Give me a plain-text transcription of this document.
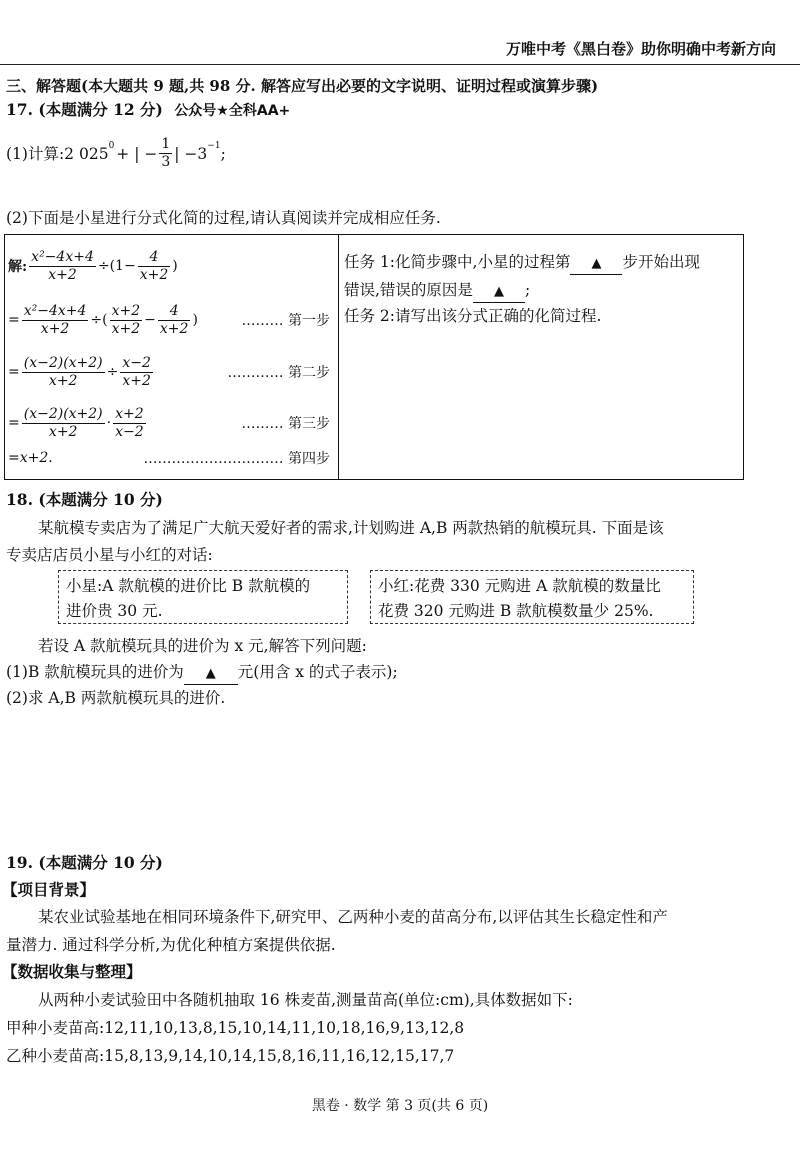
万唯中考《黑白卷》助你明确中考新方向
三、解答题(本大题共 9 题,共 98 分. 解答应写出必要的文字说明、证明过程或演算步骤)
17. (本题满分 12 分) 公众号★全科AA+
(1)计算:2 $025^0$ + | − $\frac{1}{3}$ | $-3^{-1}$ ;
(2)下面是小星进行分式化简的过程,请认真阅读并完成相应任务.
解: $\frac{\text{x²−4x+4}}{x+2} \div(1- \frac{4}{x+2}$ )
= $\frac{\text{x²−4x+4}}{x+2}$ ÷( $\frac{x+2}{x+2} - \frac{4}{x+2}$ )	……… 第一步
= $\frac{(x-2)(x+2)}{x+2} \div \frac{x-2}{x+2}$	………… 第二步
= $\frac{(x-2)(x+2)}{x+2} \cdot \frac{x+2}{x-2}$	……… 第三步
=x+2.	………………………… 第四步
任务 1:化简步骤中,小星的过程第 ▲ 步开始出现
错误,错误的原因是 ▲ ;
任务 2:请写出该分式正确的化简过程.
18. (本题满分 10 分)
某航模专卖店为了满足广大航天爱好者的需求,计划购进 A,B 两款热销的航模玩具. 下面是该
专卖店店员小星与小红的对话:
小星:A 款航模的进价比 B 款航模的
进价贵 30 元.
小红:花费 330 元购进 A 款航模的数量比
花费 320 元购进 B 款航模数量少 25%.
若设 A 款航模玩具的进价为 x 元,解答下列问题:
(1)B 款航模玩具的进价为 ▲ 元(用含 x 的式子表示);
(2)求 A,B 两款航模玩具的进价.
19. (本题满分 10 分)
【项目背景】
某农业试验基地在相同环境条件下,研究甲、乙两种小麦的苗高分布,以评估其生长稳定性和产
量潜力. 通过科学分析,为优化种植方案提供依据.
【数据收集与整理】
从两种小麦试验田中各随机抽取 16 株麦苗,测量苗高(单位:cm),具体数据如下:
甲种小麦苗高:12,11,10,13,8,15,10,14,11,10,18,16,9,13,12,8
乙种小麦苗高:15,8,13,9,14,10,14,15,8,16,11,16,12,15,17,7
黑卷 · 数学 第 3 页(共 6 页)
